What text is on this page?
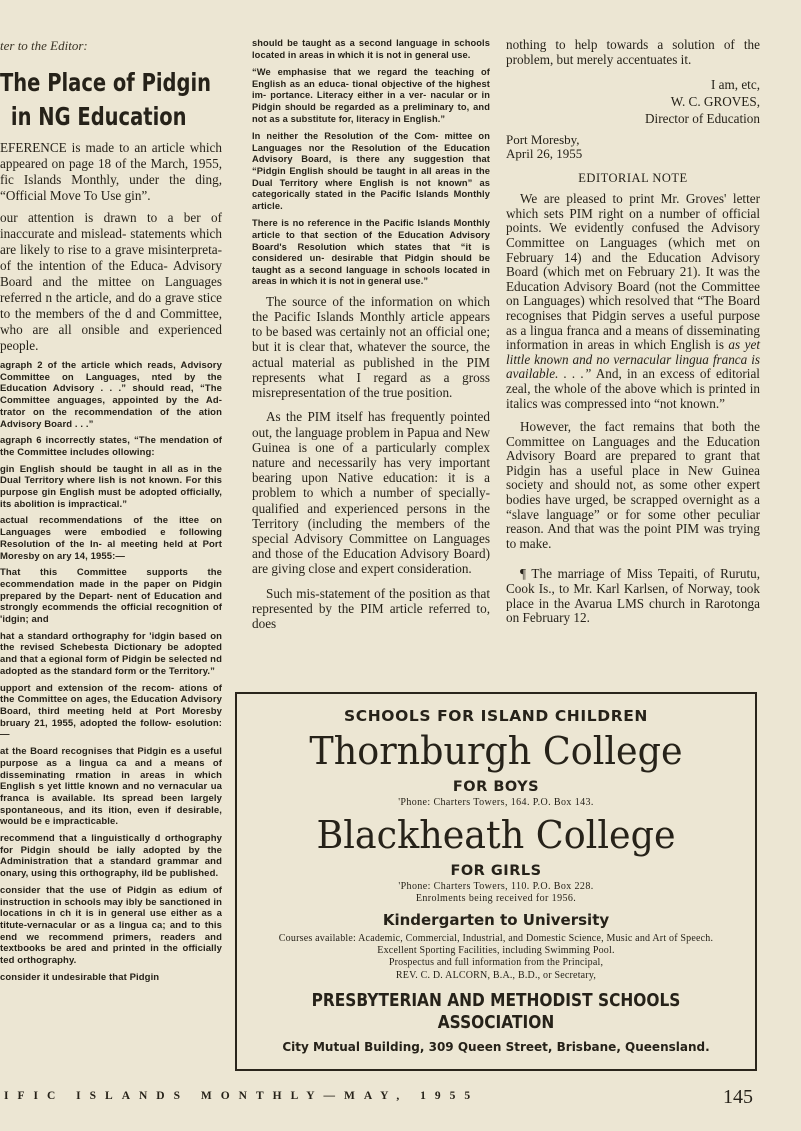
ter to the Editor:

The Place of Pidgin
in NG Education

EFERENCE is made to an article which appeared on page 18 of the March, 1955, fic Islands Monthly, under the ding, “Official Move To Use gin”.

our attention is drawn to a ber of inaccurate and mislead- statements which are likely to rise to a grave misinterpreta- of the intention of the Educa- Advisory Board and the mittee on Languages referred n the article, and do a grave stice to the members of the d and Committee, who are all onsible and experienced people.

agraph 2 of the article which reads, Advisory Committee on Languages, nted by the Education Advisory . . .” should read, “The Committee anguages, appointed by the Ad- trator on the recommendation of the ation Advisory Board . . .”

agraph 6 incorrectly states, “The mendation of the Committee includes ollowing:

gin English should be taught in all as in the Dual Territory where lish is not known. For this purpose gin English must be adopted officially, its abolition is impractical.”

actual recommendations of the ittee on Languages were embodied e following Resolution of the In- al meeting held at Port Moresby on ary 14, 1955:—

That this Committee supports the ecommendation made in the paper on Pidgin prepared by the Depart- nent of Education and strongly ecommends the official recognition of 'idgin; and

hat a standard orthography for 'idgin based on the revised Schebesta Dictionary be adopted and that a egional form of Pidgin be selected nd adopted as the standard form or the Territory.”

upport and extension of the recom- ations of the Committee on ages, the Education Advisory Board, third meeting held at Port Moresby bruary 21, 1955, adopted the follow- esolution:—

at the Board recognises that Pidgin es a useful purpose as a lingua ca and a means of disseminating rmation in areas in which English s yet little known and no vernacular ua franca is available. Its spread been largely spontaneous, and its ition, even if desirable, would be e impracticable.

recommend that a linguistically d orthography for Pidgin should be ially adopted by the Administration that a standard grammar and onary, using this orthography, ild be published.

consider that the use of Pidgin as edium of instruction in schools may ibly be sanctioned in locations in ch it is in general use either as a titute-vernacular or as a lingua ca; and to this end we recommend primers, readers and textbooks be ared and printed in the officially ted orthography.

consider it undesirable that Pidgin

should be taught as a second language in schools located in areas in which it is not in general use.

“We emphasise that we regard the teaching of English as an educa- tional objective of the highest im- portance. Literacy either in a ver- nacular or in Pidgin should be regarded as a preliminary to, and not as a substitute for, literacy in English.”

In neither the Resolution of the Com- mittee on Languages nor the Resolution of the Education Advisory Board, is there any suggestion that “Pidgin English should be taught in all areas in the Dual Territory where English is not known” as categorically stated in the Pacific Islands Monthly article.

There is no reference in the Pacific Islands Monthly article to that section of the Education Advisory Board's Resolution which states that “it is considered un- desirable that Pidgin should be taught as a second language in schools located in areas in which it is not in general use.”

The source of the information on which the Pacific Islands Monthly article appears to be based was certainly not an official one; but it is clear that, whatever the source, the actual material as published in the PIM represents what I regard as a gross misrepresentation of the true position.

As the PIM itself has frequently pointed out, the language problem in Papua and New Guinea is one of a particularly complex nature and necessarily has very important bearing upon Native education: it is a problem to which a number of specially-qualified and experienced persons in the Territory (including the members of the special Advisory Committee on Languages and those of the Education Advisory Board) are giving close and expert consideration.

Such mis-statement of the position as that represented by the PIM article referred to, does

nothing to help towards a solution of the problem, but merely accentuates it.

I am, etc,

W. C. GROVES,

Director of Education

Port Moresby,
April 26, 1955

EDITORIAL NOTE

We are pleased to print Mr. Groves' letter which sets PIM right on a number of official points. We evidently confused the Advisory Committee on Languages (which met on February 14) and the Education Advisory Board (which met on February 21). It was the Education Advisory Board (not the Committee on Languages) which resolved that “The Board recognises that Pidgin serves a useful purpose as a lingua franca and a means of disseminating information in areas in which English is as yet little known and no vernacular lingua franca is available. . . .” And, in an excess of editorial zeal, the whole of the above which is printed in italics was compressed into “not known.”

However, the fact remains that both the Committee on Languages and the Education Advisory Board are prepared to grant that Pidgin has a useful place in New Guinea society and should not, as some other expert bodies have urged, be scrapped overnight as a “slave language” or for some other peculiar reason. And that was the point PIM was trying to make.

¶ The marriage of Miss Tepaiti, of Rurutu, Cook Is., to Mr. Karl Karlsen, of Norway, took place in the Avarua LMS church in Rarotonga on February 12.

SCHOOLS FOR ISLAND CHILDREN

Thornburgh College

FOR BOYS

'Phone: Charters Towers, 164. P.O. Box 143.

Blackheath College

FOR GIRLS

'Phone: Charters Towers, 110. P.O. Box 228.

Enrolments being received for 1956.

Kindergarten to University

Courses available: Academic, Commercial, Industrial, and Domestic Science, Music and Art of Speech.

Excellent Sporting Facilities, including Swimming Pool.

Prospectus and full information from the Principal,

REV. C. D. ALCORN, B.A., B.D., or Secretary,

PRESBYTERIAN AND METHODIST SCHOOLS
ASSOCIATION

City Mutual Building, 309 Queen Street, Brisbane, Queensland.

IFIC ISLANDS MONTHLY—MAY, 1955	145
